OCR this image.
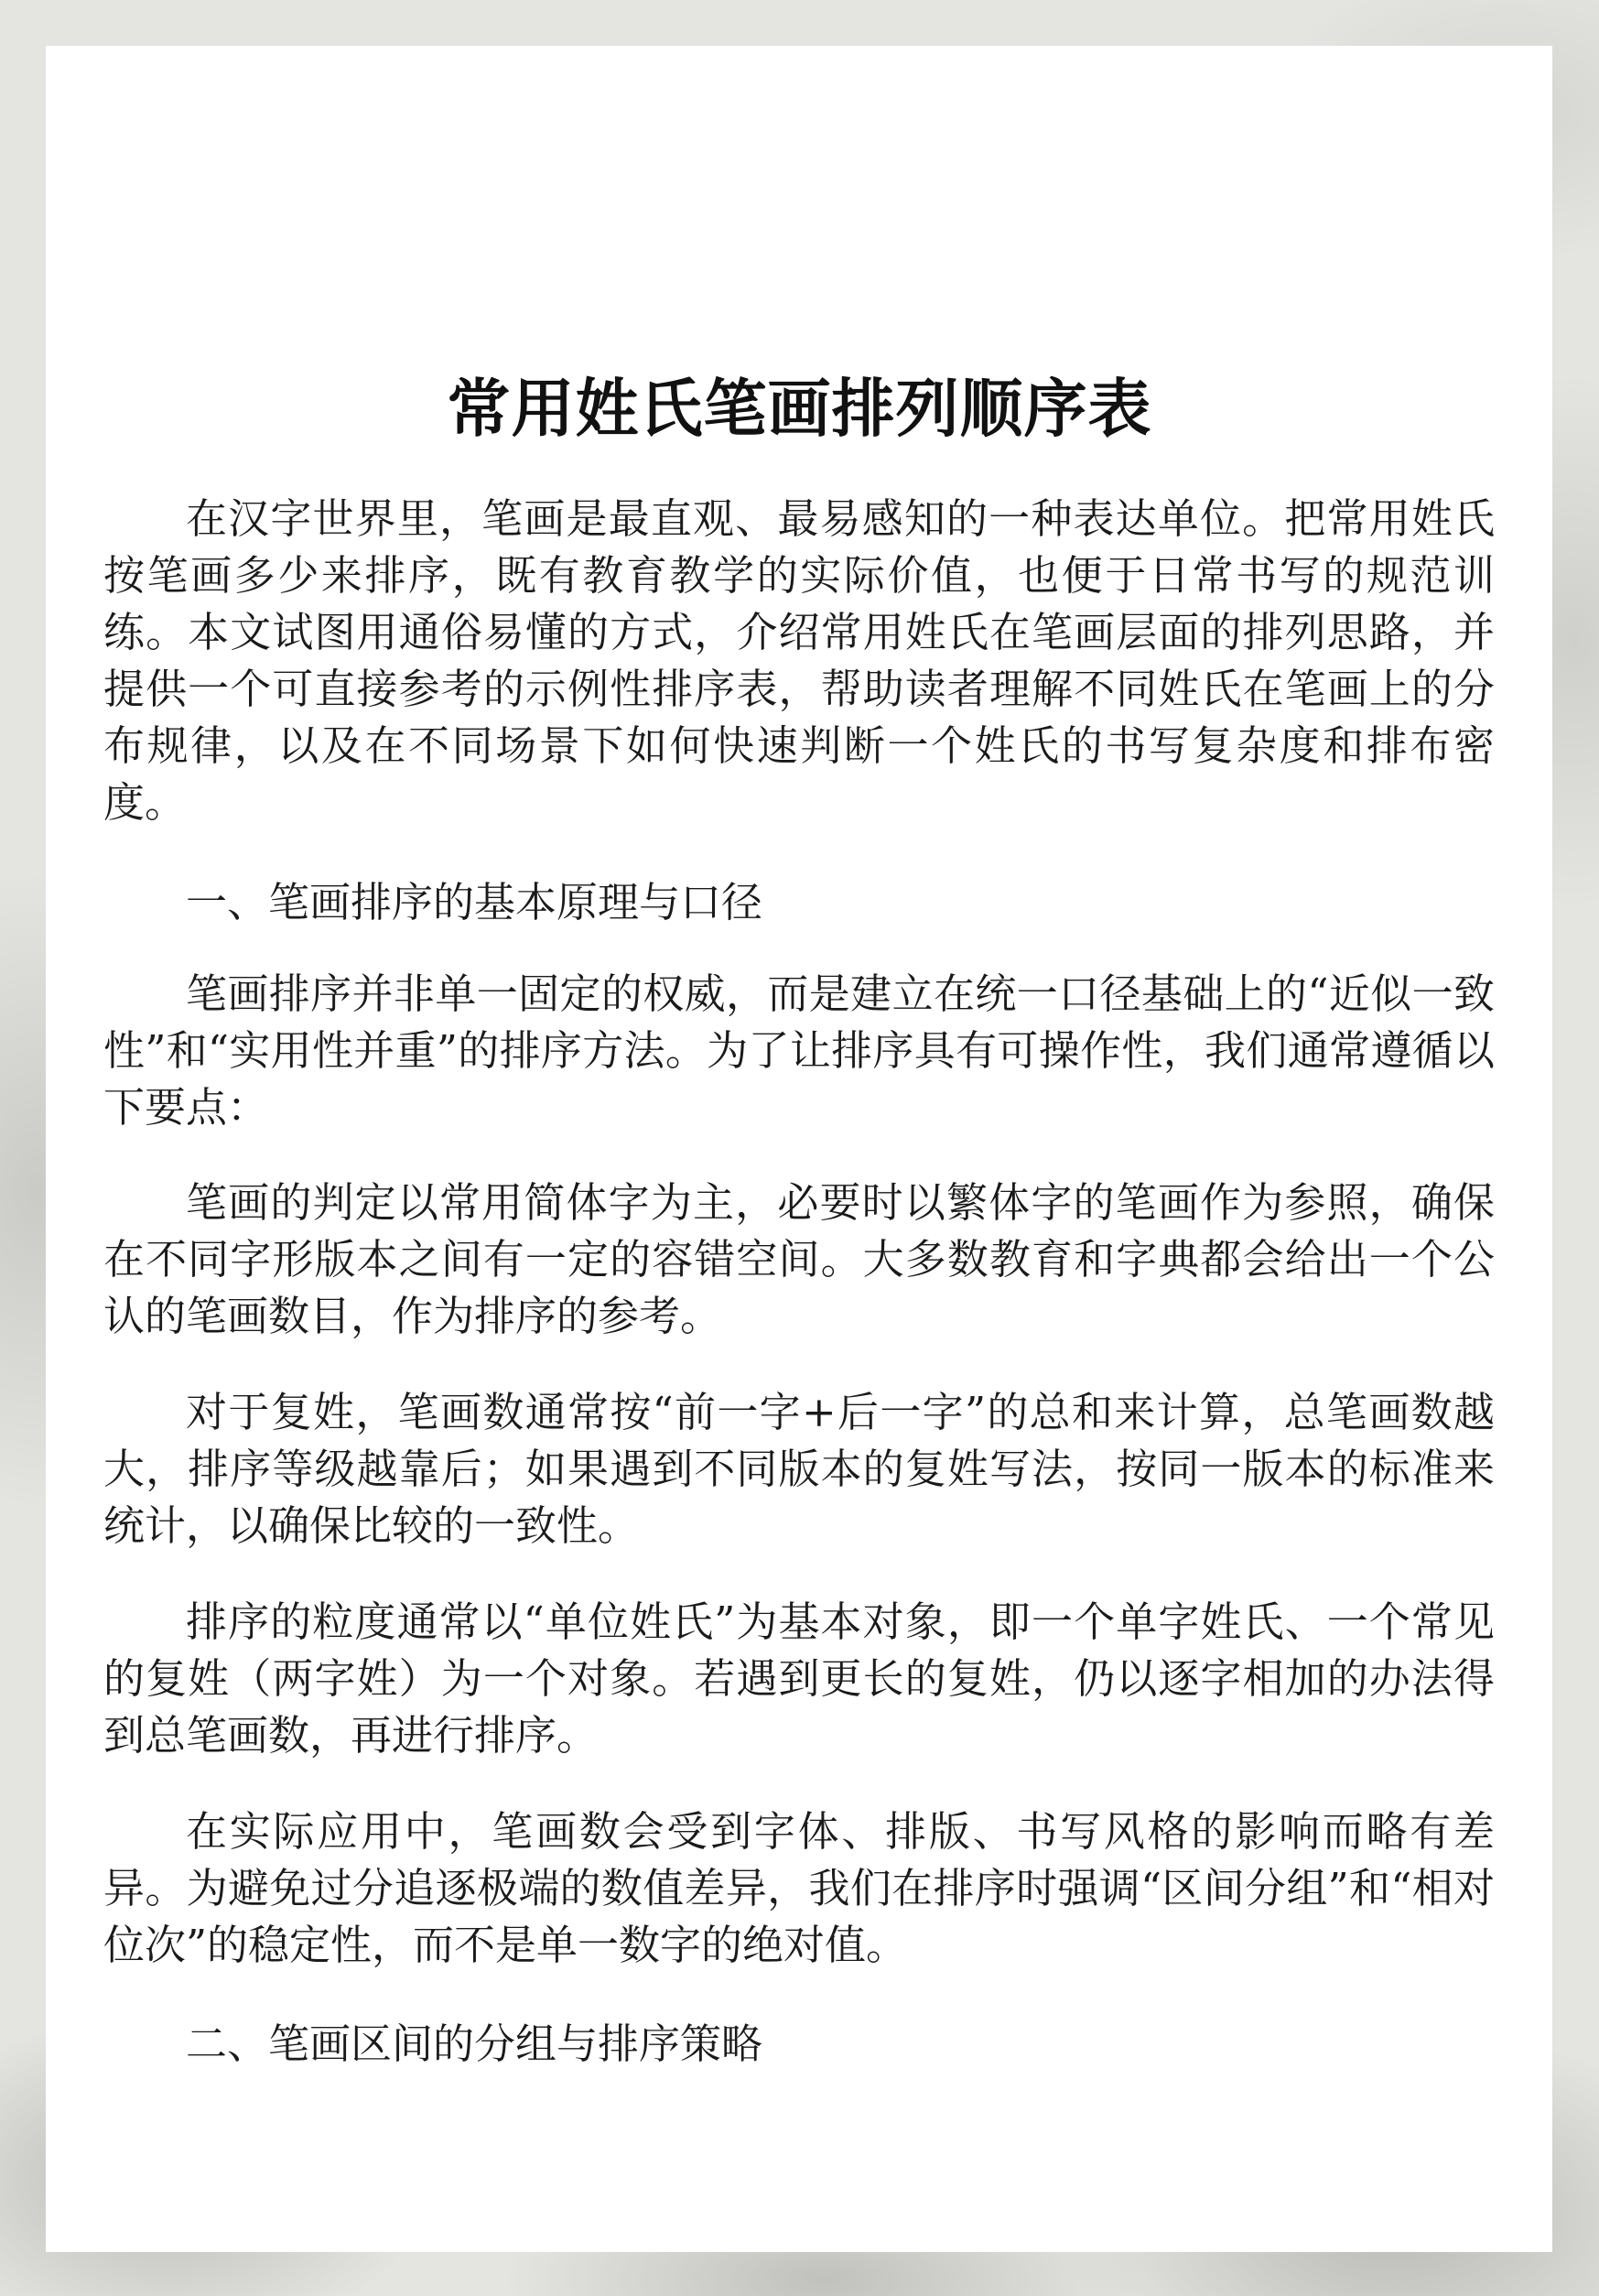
常用姓氏笔画排列顺序表

在汉字世界里，笔画是最直观、最易感知的一种表达单位。把常用姓氏按笔画多少来排序，既有教育教学的实际价值，也便于日常书写的规范训练。本文试图用通俗易懂的方式，介绍常用姓氏在笔画层面的排列思路，并提供一个可直接参考的示例性排序表，帮助读者理解不同姓氏在笔画上的分布规律，以及在不同场景下如何快速判断一个姓氏的书写复杂度和排布密度。

一、笔画排序的基本原理与口径

笔画排序并非单一固定的权威，而是建立在统一口径基础上的“近似一致性”和“实用性并重”的排序方法。为了让排序具有可操作性，我们通常遵循以下要点：

笔画的判定以常用简体字为主，必要时以繁体字的笔画作为参照，确保在不同字形版本之间有一定的容错空间。大多数教育和字典都会给出一个公认的笔画数目，作为排序的参考。

对于复姓，笔画数通常按“前一字+后一字”的总和来计算，总笔画数越大，排序等级越靠后；如果遇到不同版本的复姓写法，按同一版本的标准来统计，以确保比较的一致性。

排序的粒度通常以“单位姓氏”为基本对象，即一个单字姓氏、一个常见的复姓（两字姓）为一个对象。若遇到更长的复姓，仍以逐字相加的办法得到总笔画数，再进行排序。

在实际应用中，笔画数会受到字体、排版、书写风格的影响而略有差异。为避免过分追逐极端的数值差异，我们在排序时强调“区间分组”和“相对位次”的稳定性，而不是单一数字的绝对值。

二、笔画区间的分组与排序策略
